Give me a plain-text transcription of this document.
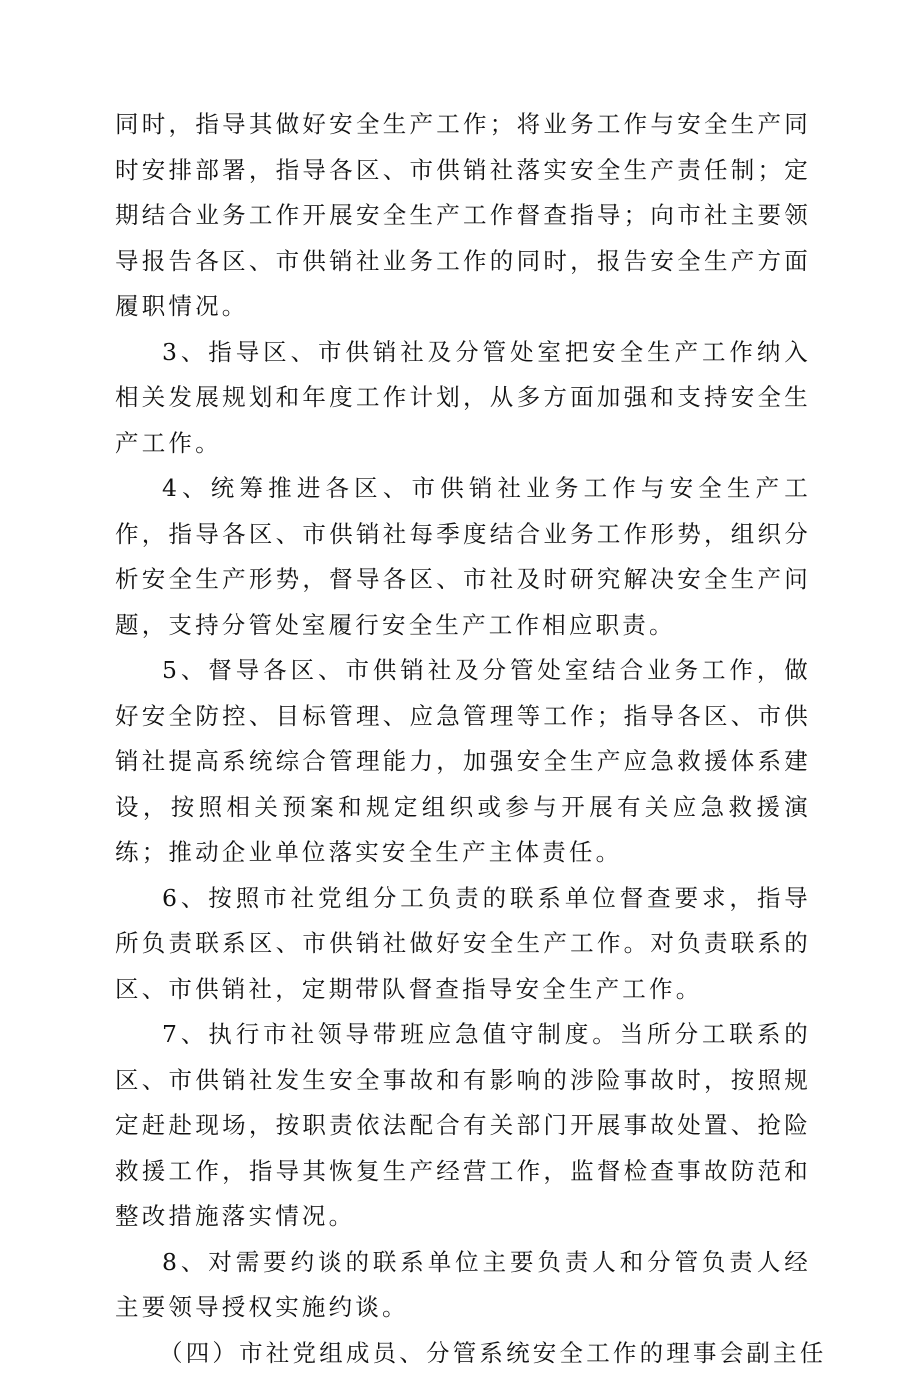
同时，指导其做好安全生产工作；将业务工作与安全生产同时安排部署，指导各区、市供销社落实安全生产责任制；定期结合业务工作开展安全生产工作督查指导；向市社主要领导报告各区、市供销社业务工作的同时，报告安全生产方面履职情况。

3、指导区、市供销社及分管处室把安全生产工作纳入相关发展规划和年度工作计划，从多方面加强和支持安全生产工作。

4、统筹推进各区、市供销社业务工作与安全生产工作，指导各区、市供销社每季度结合业务工作形势，组织分析安全生产形势，督导各区、市社及时研究解决安全生产问题，支持分管处室履行安全生产工作相应职责。

5、督导各区、市供销社及分管处室结合业务工作，做好安全防控、目标管理、应急管理等工作；指导各区、市供销社提高系统综合管理能力，加强安全生产应急救援体系建设，按照相关预案和规定组织或参与开展有关应急救援演练；推动企业单位落实安全生产主体责任。

6、按照市社党组分工负责的联系单位督查要求，指导所负责联系区、市供销社做好安全生产工作。对负责联系的区、市供销社，定期带队督查指导安全生产工作。

7、执行市社领导带班应急值守制度。当所分工联系的区、市供销社发生安全事故和有影响的涉险事故时，按照规定赶赴现场，按职责依法配合有关部门开展事故处置、抢险救援工作，指导其恢复生产经营工作，监督检查事故防范和整改措施落实情况。

8、对需要约谈的联系单位主要负责人和分管负责人经主要领导授权实施约谈。

（四）市社党组成员、分管系统安全工作的理事会副主任
